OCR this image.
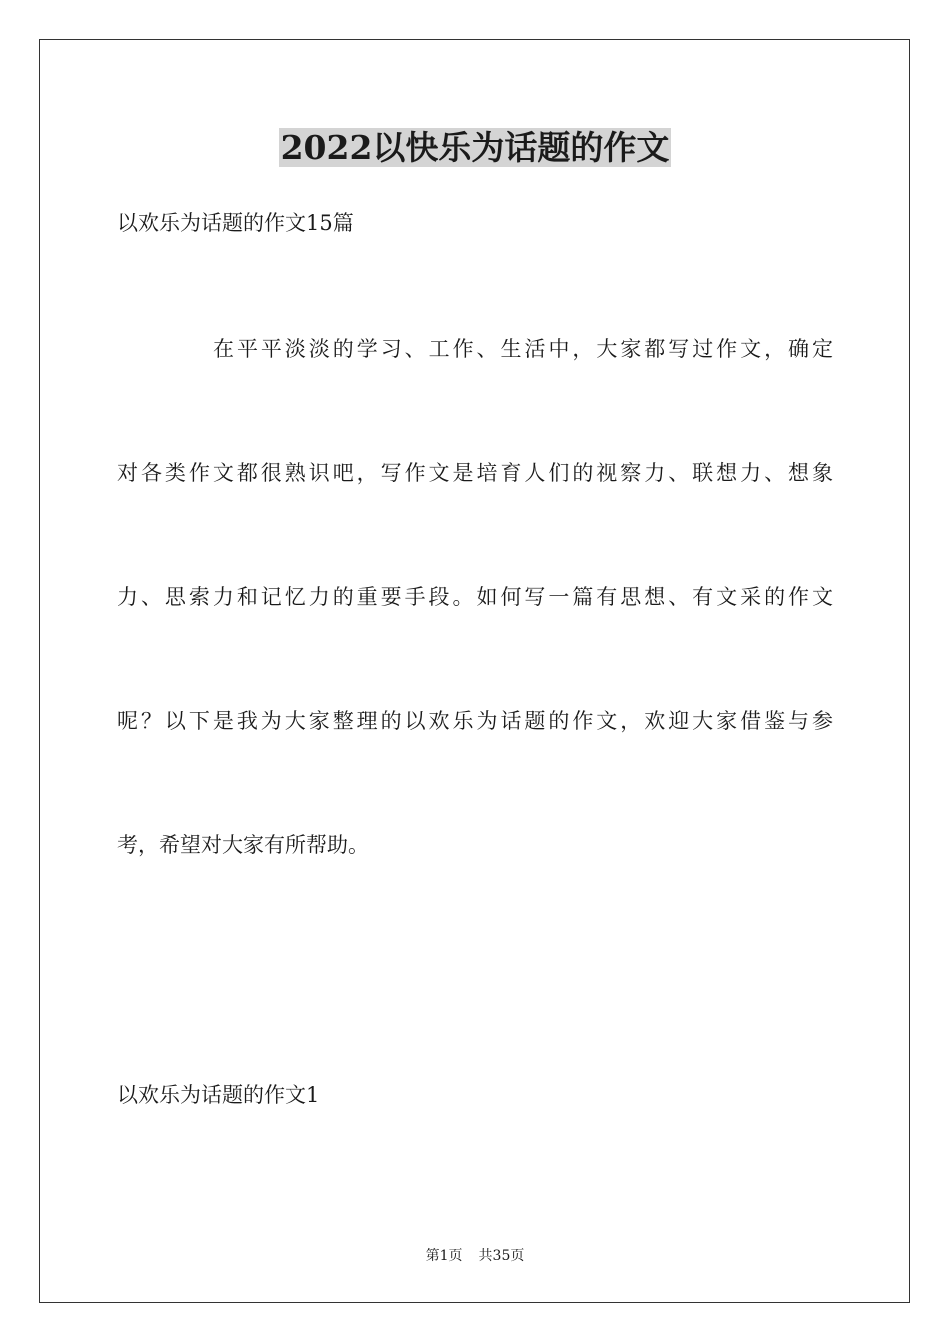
2022以快乐为话题的作文

以欢乐为话题的作文15篇

在平平淡淡的学习、工作、生活中，大家都写过作文，确定

对各类作文都很熟识吧，写作文是培育人们的视察力、联想力、想象

力、思索力和记忆力的重要手段。如何写一篇有思想、有文采的作文

呢？以下是我为大家整理的以欢乐为话题的作文，欢迎大家借鉴与参

考，希望对大家有所帮助。

以欢乐为话题的作文1

第1页 共35页
